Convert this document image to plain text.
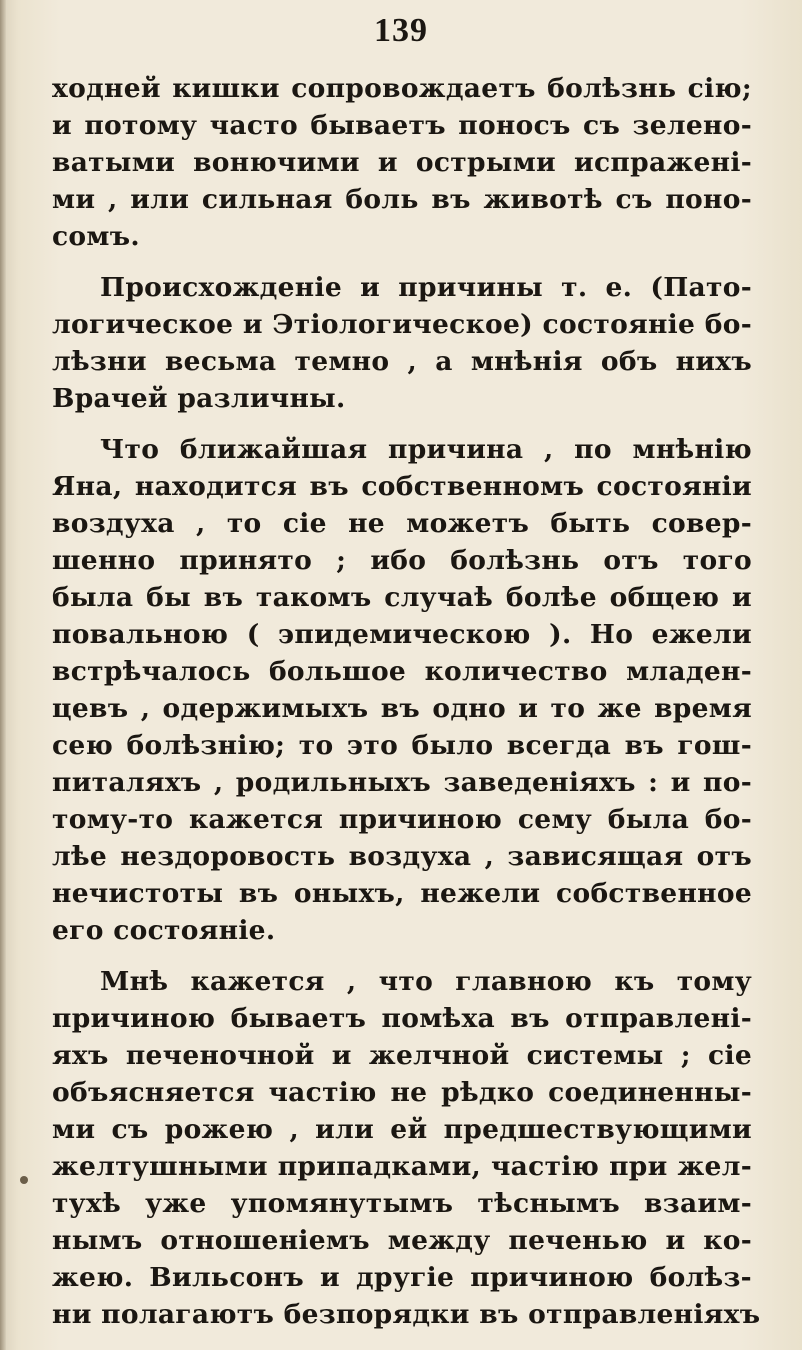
139
ходней кишки сопровождаетъ болѣзнь сію;
и потому часто бываетъ поносъ съ зелено-
ватыми вонючими и острыми испражені-
ми , или сильная боль въ животѣ съ поно-
сомъ.
Происхожденіе и причины т. е. (Пато-
логическое и Этіологическое) состояніе бо-
лѣзни весьма темно , а мнѣнія объ нихъ
Врачей различны.
Что ближайшая причина , по мнѣнію
Яна, находится въ собственномъ состояніи
воздуха , то сіе не можетъ быть совер-
шенно принято ; ибо болѣзнь отъ того
была бы въ такомъ случаѣ болѣе общею и
повальною ( эпидемическою ). Но ежели
встрѣчалось большое количество младен-
цевъ , одержимыхъ въ одно и то же время
сею болѣзнію; то это было всегда въ гош-
питаляхъ , родильныхъ заведеніяхъ : и по-
тому-то кажется причиною сему была бо-
лѣе нездоровость воздуха , зависящая отъ
нечистоты въ оныхъ, нежели собственное
его состояніе.
Мнѣ кажется , что главною къ тому
причиною бываетъ помѣха въ отправлені-
яхъ печеночной и желчной системы ; сіе
объясняется частію не рѣдко соединенны-
ми съ рожею , или ей предшествующими
желтушными припадками, частію при жел-
тухѣ уже упомянутымъ тѣснымъ взаим-
нымъ отношеніемъ между печенью и ко-
жею. Вильсонъ и другіе причиною болѣз-
ни полагаютъ безпорядки въ отправленіяхъ
